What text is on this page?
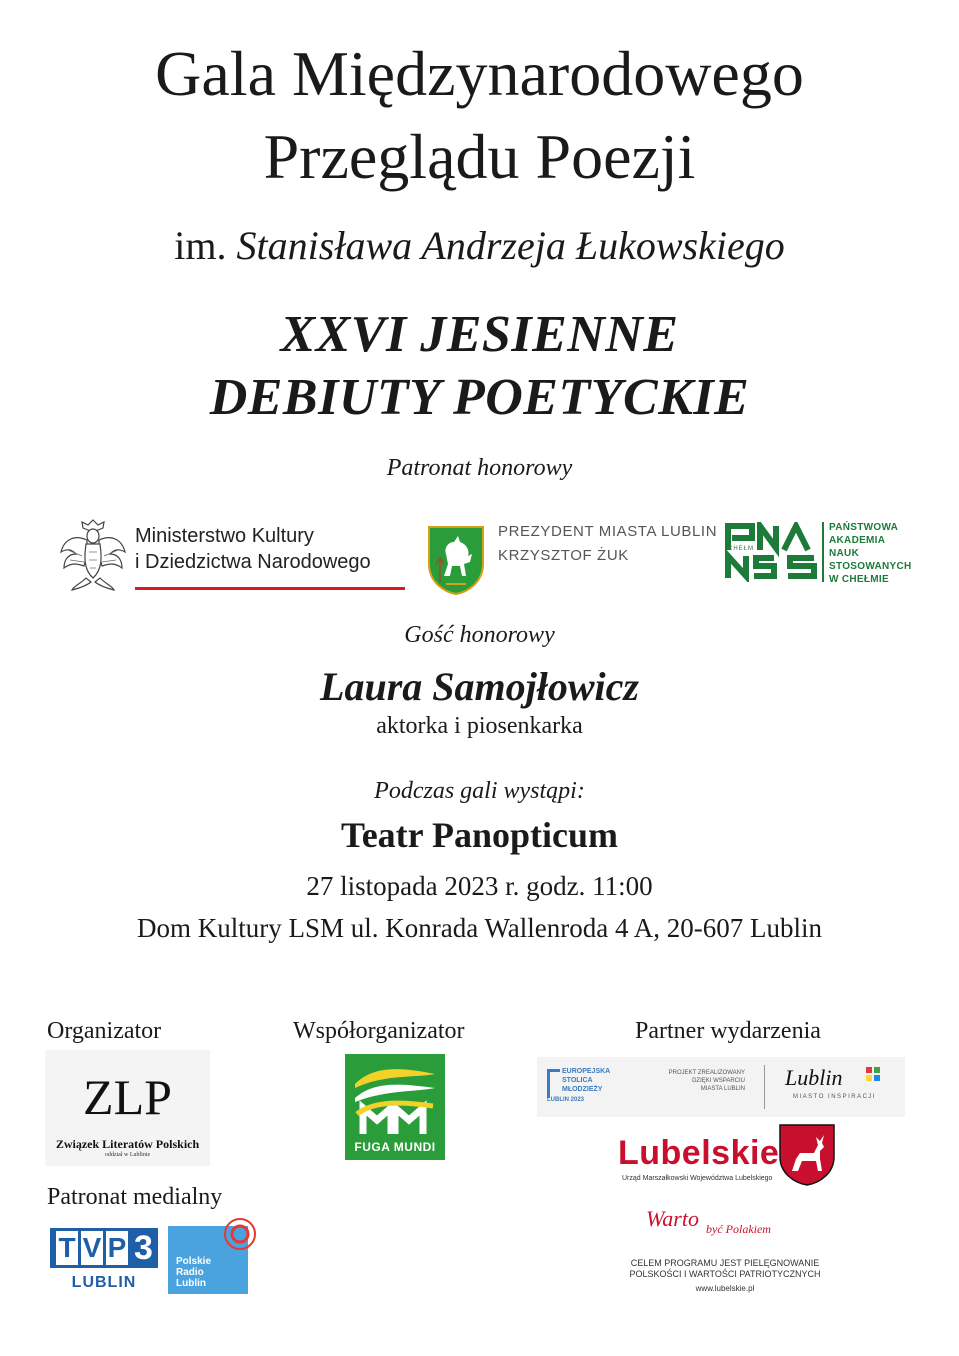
Gala Międzynarodowego
Przeglądu Poezji
im. Stanisława Andrzeja Łukowskiego
XXVI JESIENNE
DEBIUTY POETYCKIE
Patronat honorowy
Ministerstwo Kultury
i Dziedzictwa Narodowego
PREZYDENT MIASTA LUBLIN
KRZYSZTOF ŻUK	CHEŁM
PAŃSTWOWA
AKADEMIA
NAUK
STOSOWANYCH
W CHEŁMIE
Gość honorowy
Laura Samojłowicz
aktorka i piosenkarka
Podczas gali wystąpi:
Teatr Panopticum
27 listopada 2023 r. godz. 11:00
Dom Kultury LSM ul. Konrada Wallenroda 4 A, 20-607 Lublin
Organizator
ZLP
Związek Literatów Polskich
oddział w Lublinie
Współorganizator
FUGA MUNDI
Partner wydarzenia
EUROPEJSKA
STOLICA
MŁODZIEŻY
LUBLIN 2023
PROJEKT ZREALIZOWANY
DZIĘKI WSPARCIU
MIASTA LUBLIN Lublin
MIASTO INSPIRACJI
Lubelskie
Urząd Marszałkowski Województwa Lubelskiego
Warto być Polakiem
CELEM PROGRAMU JEST PIELĘGNOWANIE
POLSKOŚCI I WARTOŚCI PATRIOTYCZNYCH
www.lubelskie.pl
Patronat medialny
T V P 3
LUBLIN
Polskie
Radio
Lublin
